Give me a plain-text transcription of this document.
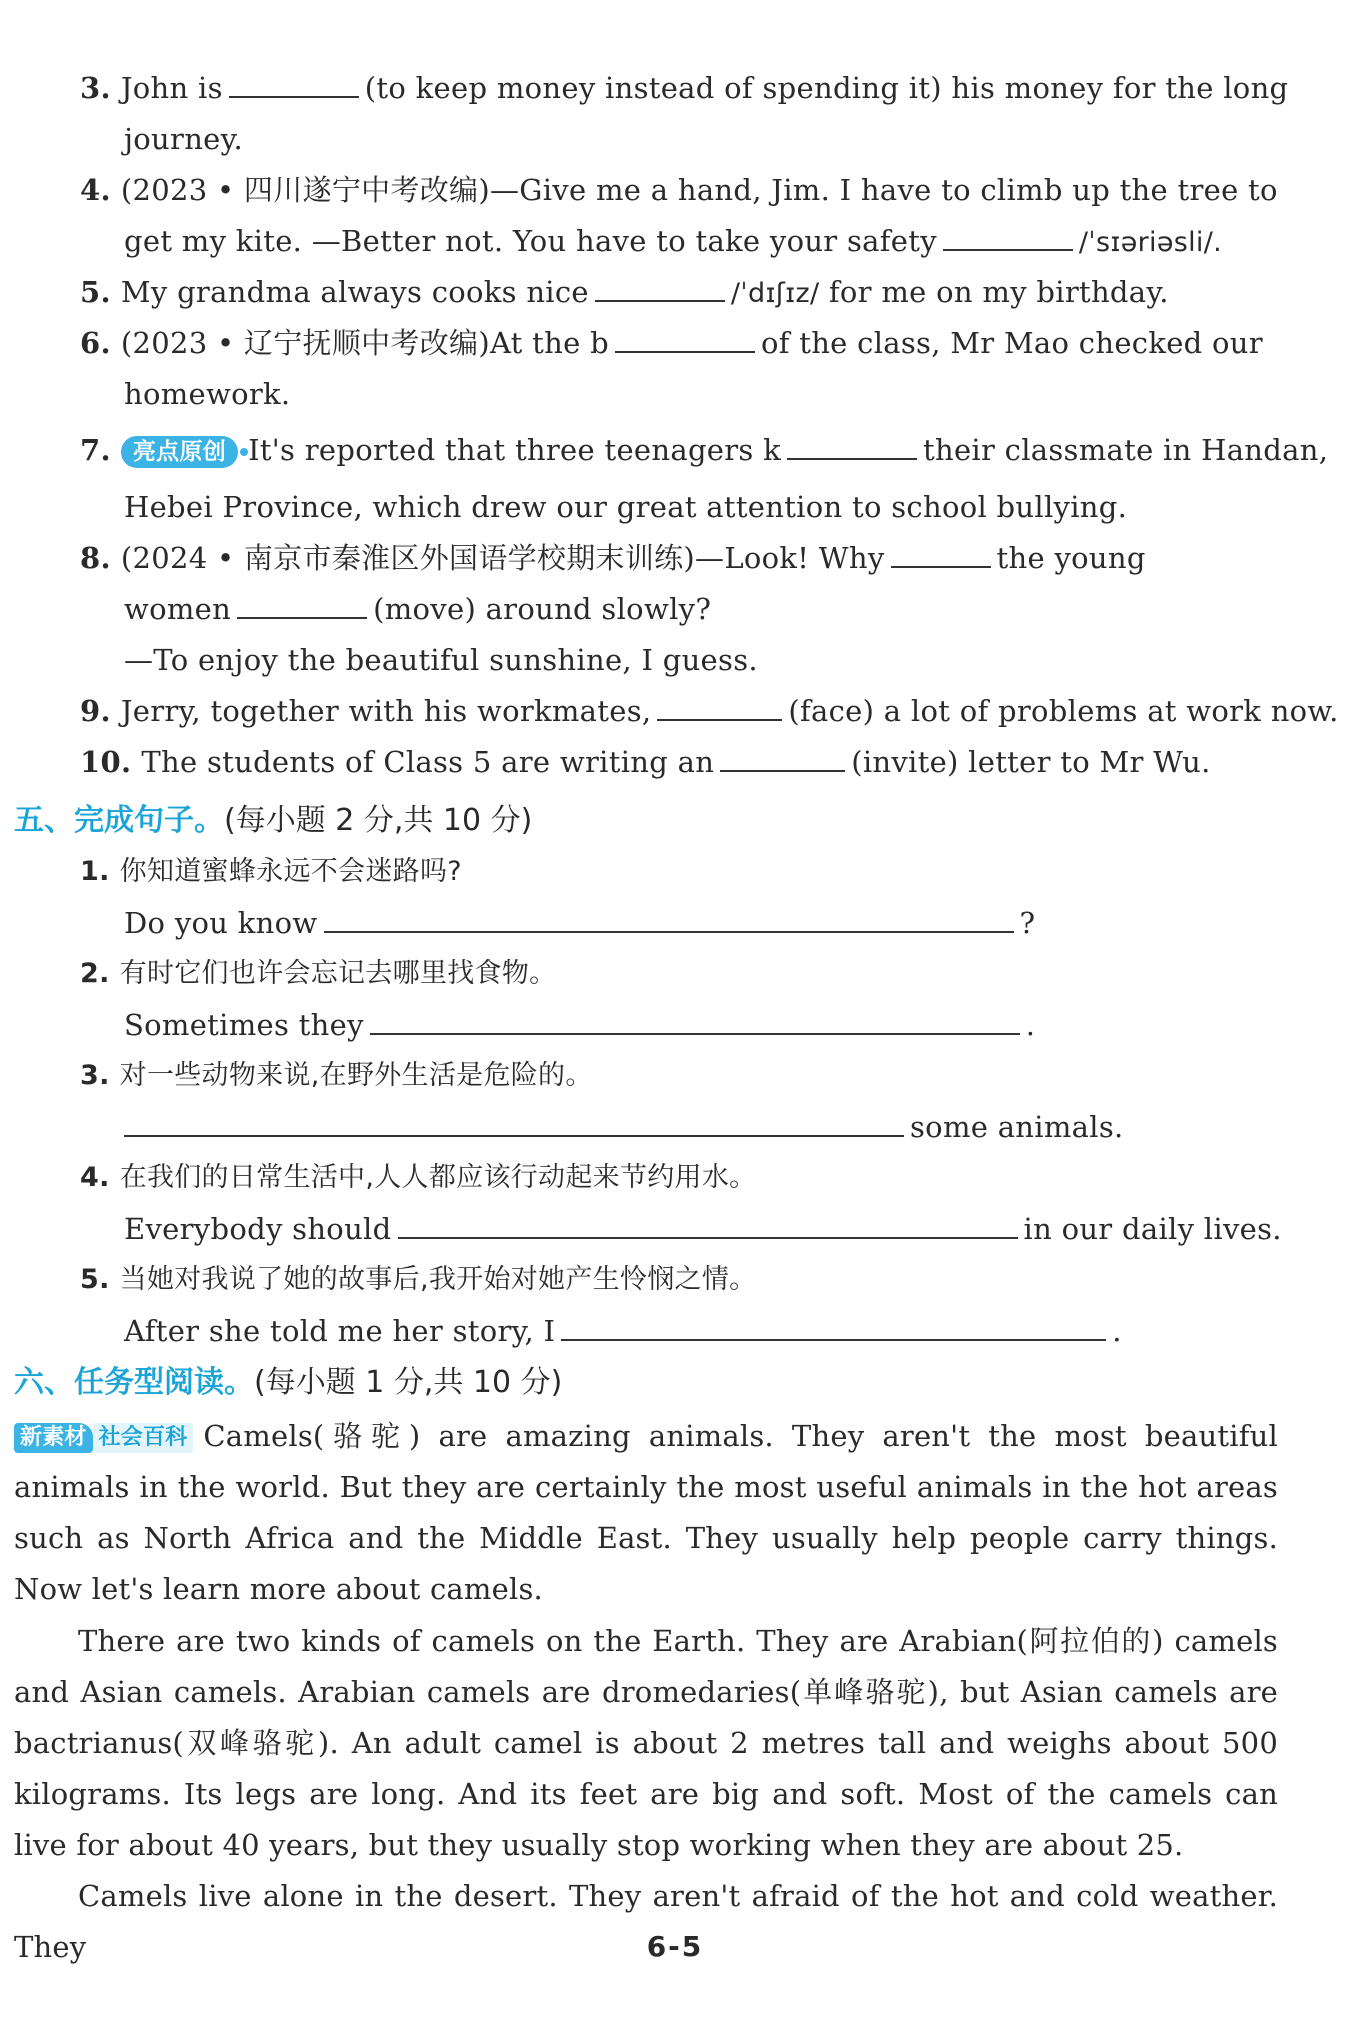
3. John is	(to keep money instead of spending it) his money for the long
journey.
4. (2023 • 四川遂宁中考改编)—Give me a hand, Jim. I have to climb up the tree to
get my kite. —Better not. You have to take your safety	/ˈsɪəriəsli/.
5. My grandma always cooks nice	/ˈdɪʃɪz/ for me on my birthday.
6. (2023 • 辽宁抚顺中考改编)At the b	of the class, Mr Mao checked our
homework.
7. 亮点原创 It's reported that three teenagers k	their classmate in Handan,
Hebei Province, which drew our great attention to school bullying.
8. (2024 • 南京市秦淮区外国语学校期末训练)—Look! Why	the young
women	(move) around slowly?
—To enjoy the beautiful sunshine, I guess.
9. Jerry, together with his workmates,	(face) a lot of problems at work now.
10. The students of Class 5 are writing an	(invite) letter to Mr Wu.
五、完成句子。(每小题 2 分,共 10 分)
1. 你知道蜜蜂永远不会迷路吗?
Do you know	?
2. 有时它们也许会忘记去哪里找食物。
Sometimes they	.
3. 对一些动物来说,在野外生活是危险的。
some animals.
4. 在我们的日常生活中,人人都应该行动起来节约用水。
Everybody should	in our daily lives.
5. 当她对我说了她的故事后,我开始对她产生怜悯之情。
After she told me her story, I	.
六、任务型阅读。(每小题 1 分,共 10 分)
新素材 社会百科 Camels(骆驼) are amazing animals. They aren't the most beautiful animals in the world. But they are certainly the most useful animals in the hot areas such as North Africa and the Middle East. They usually help people carry things. Now let's learn more about camels.
There are two kinds of camels on the Earth. They are Arabian(阿拉伯的) camels and Asian camels. Arabian camels are dromedaries(单峰骆驼), but Asian camels are bactrianus(双峰骆驼). An adult camel is about 2 metres tall and weighs about 500 kilograms. Its legs are long. And its feet are big and soft. Most of the camels can live for about 40 years, but they usually stop working when they are about 25.
Camels live alone in the desert. They aren't afraid of the hot and cold weather. They	6-5
